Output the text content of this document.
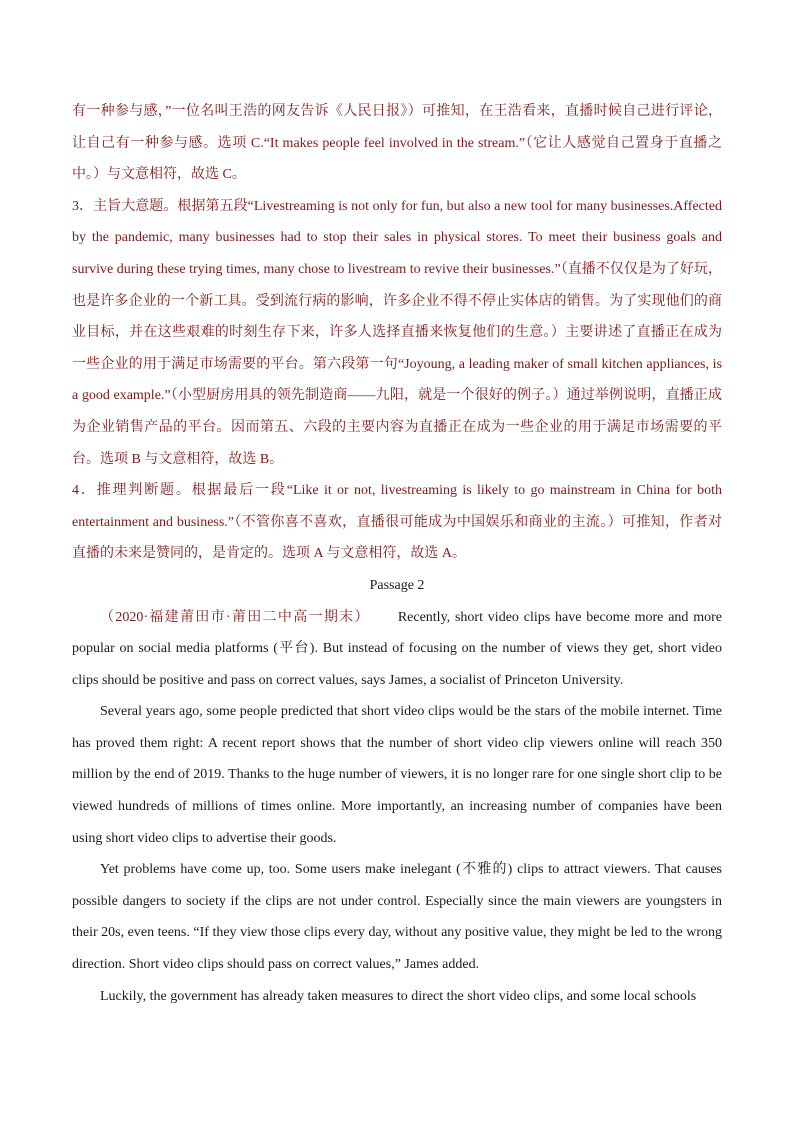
有一种参与感，”一位名叫王浩的网友告诉《人民日报》）可推知，在王浩看来，直播时候自己进行评论，让自己有一种参与感。选项 C.“It makes people feel involved in the stream.”（它让人感觉自己置身于直播之中。）与文意相符，故选 C。

3．主旨大意题。根据第五段“Livestreaming is not only for fun, but also a new tool for many businesses.Affected by the pandemic, many businesses had to stop their sales in physical stores. To meet their business goals and survive during these trying times, many chose to livestream to revive their businesses.”（直播不仅仅是为了好玩，也是许多企业的一个新工具。受到流行病的影响，许多企业不得不停止实体店的销售。为了实现他们的商业目标，并在这些艰难的时刻生存下来，许多人选择直播来恢复他们的生意。）主要讲述了直播正在成为一些企业的用于满足市场需要的平台。第六段第一句“Joyoung, a leading maker of small kitchen appliances, is a good example.”（小型厨房用具的领先制造商——九阳，就是一个很好的例子。）通过举例说明，直播正成为企业销售产品的平台。因而第五、六段的主要内容为直播正在成为一些企业的用于满足市场需要的平台。选项 B 与文意相符，故选 B。

4．推理判断题。根据最后一段“Like it or not, livestreaming is likely to go mainstream in China for both entertainment and business.”（不管你喜不喜欢，直播很可能成为中国娱乐和商业的主流。）可推知，作者对直播的未来是赞同的，是肯定的。选项 A 与文意相符，故选 A。

Passage 2

（2020·福建莆田市·莆田二中高一期末） Recently, short video clips have become more and more popular on social media platforms (平台). But instead of focusing on the number of views they get, short video clips should be positive and pass on correct values, says James, a socialist of Princeton University.

Several years ago, some people predicted that short video clips would be the stars of the mobile internet. Time has proved them right: A recent report shows that the number of short video clip viewers online will reach 350 million by the end of 2019. Thanks to the huge number of viewers, it is no longer rare for one single short clip to be viewed hundreds of millions of times online. More importantly, an increasing number of companies have been using short video clips to advertise their goods.

Yet problems have come up, too. Some users make inelegant (不雅的) clips to attract viewers. That causes possible dangers to society if the clips are not under control. Especially since the main viewers are youngsters in their 20s, even teens. “If they view those clips every day, without any positive value, they might be led to the wrong direction. Short video clips should pass on correct values,” James added.

Luckily, the government has already taken measures to direct the short video clips, and some local schools
